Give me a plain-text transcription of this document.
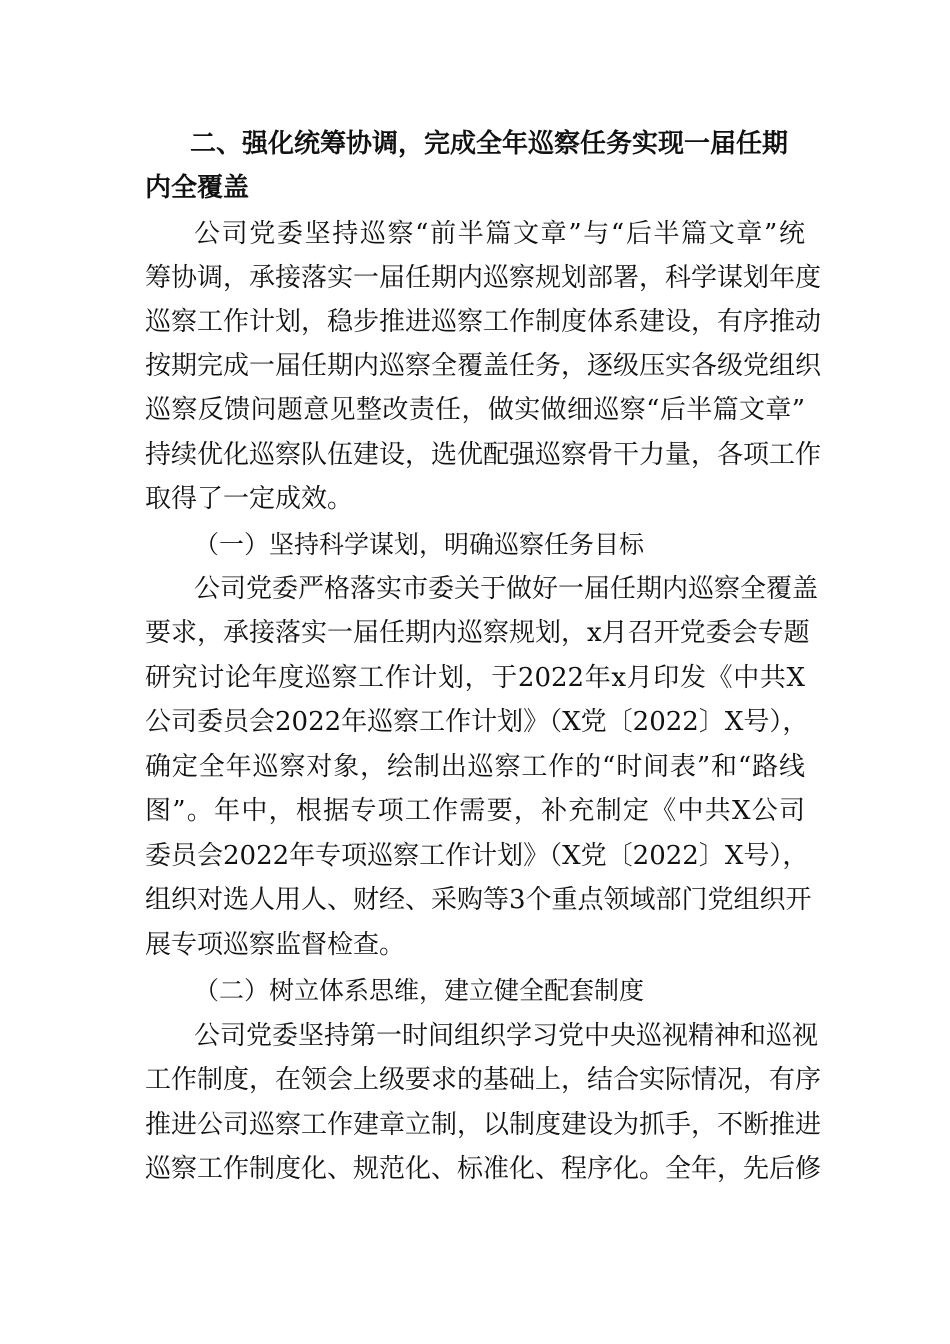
二、强化统筹协调，完成全年巡察任务实现一届任期
内全覆盖
公司党委坚持巡察“前半篇文章”与“后半篇文章”统
筹协调，承接落实一届任期内巡察规划部署，科学谋划年度
巡察工作计划，稳步推进巡察工作制度体系建设，有序推动
按期完成一届任期内巡察全覆盖任务，逐级压实各级党组织
巡察反馈问题意见整改责任，做实做细巡察“后半篇文章”
持续优化巡察队伍建设，选优配强巡察骨干力量，各项工作
取得了一定成效。
（一）坚持科学谋划，明确巡察任务目标
公司党委严格落实市委关于做好一届任期内巡察全覆盖
要求，承接落实一届任期内巡察规划，x月召开党委会专题
研究讨论年度巡察工作计划，于2022年x月印发《中共X
公司委员会2022年巡察工作计划》（X党〔2022〕X号），
确定全年巡察对象，绘制出巡察工作的“时间表”和“路线
图”。年中，根据专项工作需要，补充制定《中共X公司
委员会2022年专项巡察工作计划》（X党〔2022〕X号），
组织对选人用人、财经、采购等3个重点领域部门党组织开
展专项巡察监督检查。
（二）树立体系思维，建立健全配套制度
公司党委坚持第一时间组织学习党中央巡视精神和巡视
工作制度，在领会上级要求的基础上，结合实际情况，有序
推进公司巡察工作建章立制，以制度建设为抓手，不断推进
巡察工作制度化、规范化、标准化、程序化。全年，先后修
